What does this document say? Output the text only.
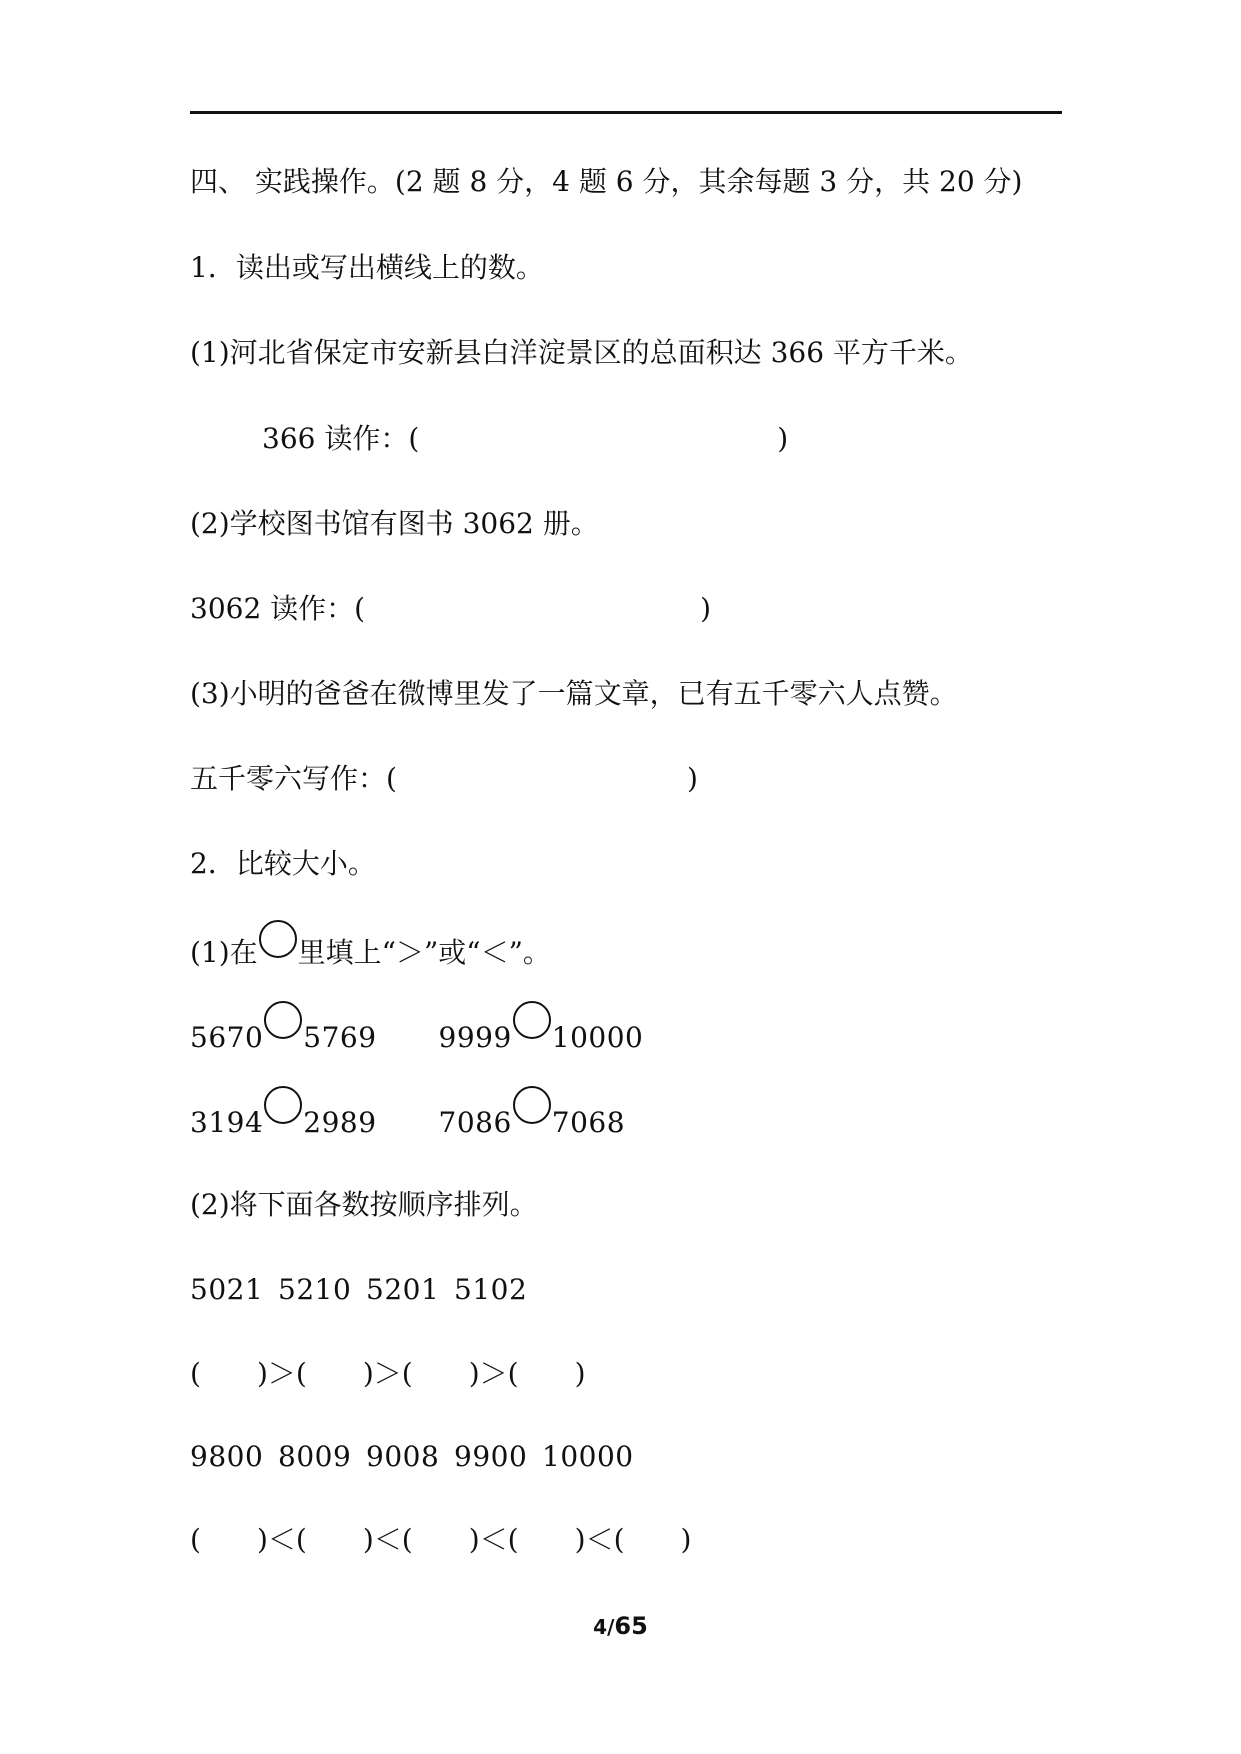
四、 实践操作。(2 题 8 分，4 题 6 分，其余每题 3 分，共 20 分)
1．读出或写出横线上的数。
(1)河北省保定市安新县白洋淀景区的总面积达 366 平方千米。
366 读作：(	)
(2)学校图书馆有图书 3062 册。
3062 读作：(	)
(3)小明的爸爸在微博里发了一篇文章，已有五千零六人点赞。
五千零六写作：(	)
2．比较大小。
(1)在 里填上“＞”或“＜”。
5670 5769 9999 10000
3194 2989 7086 7068
(2)将下面各数按顺序排列。
5021 5210 5201 5102
( )＞( )＞( )＞( )
9800 8009 9008 9900 10000
( )＜( )＜( )＜( )＜( )
4/65
